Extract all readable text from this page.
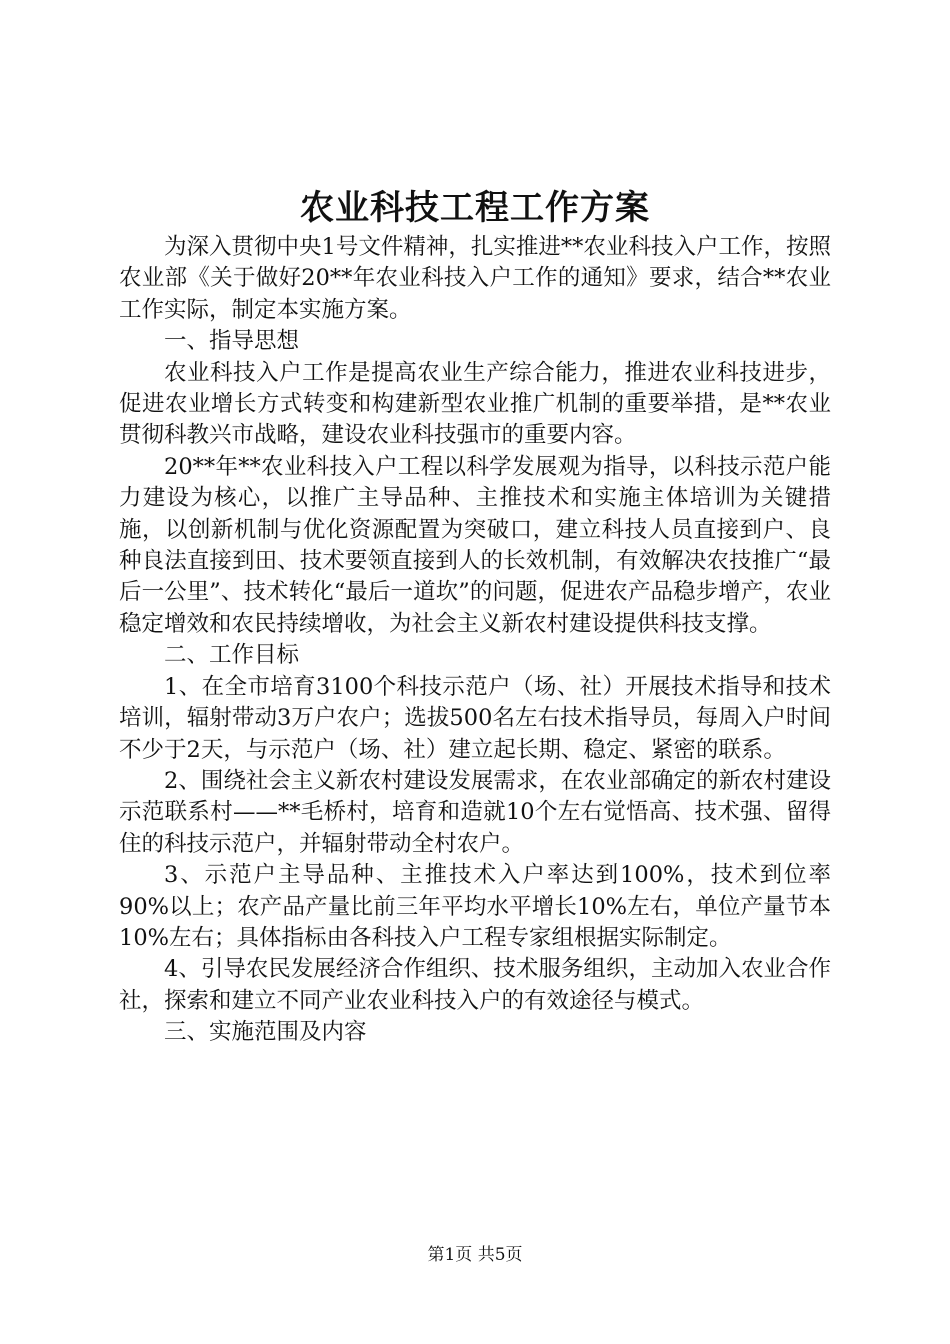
农业科技工程工作方案

为深入贯彻中央1号文件精神，扎实推进**农业科技入户工作，按照农业部《关于做好20**年农业科技入户工作的通知》要求，结合**农业工作实际，制定本实施方案。

一、指导思想

农业科技入户工作是提高农业生产综合能力，推进农业科技进步，促进农业增长方式转变和构建新型农业推广机制的重要举措，是**农业贯彻科教兴市战略，建设农业科技强市的重要内容。

20**年**农业科技入户工程以科学发展观为指导，以科技示范户能力建设为核心，以推广主导品种、主推技术和实施主体培训为关键措施，以创新机制与优化资源配置为突破口，建立科技人员直接到户、良种良法直接到田、技术要领直接到人的长效机制，有效解决农技推广“最后一公里”、技术转化“最后一道坎”的问题，促进农产品稳步增产，农业稳定增效和农民持续增收，为社会主义新农村建设提供科技支撑。

二、工作目标

1、在全市培育3100个科技示范户（场、社）开展技术指导和技术培训，辐射带动3万户农户；选拔500名左右技术指导员，每周入户时间不少于2天，与示范户（场、社）建立起长期、稳定、紧密的联系。

2、围绕社会主义新农村建设发展需求，在农业部确定的新农村建设示范联系村——**毛桥村，培育和造就10个左右觉悟高、技术强、留得住的科技示范户，并辐射带动全村农户。

3、示范户主导品种、主推技术入户率达到100%，技术到位率90%以上；农产品产量比前三年平均水平增长10%左右，单位产量节本10%左右；具体指标由各科技入户工程专家组根据实际制定。

4、引导农民发展经济合作组织、技术服务组织，主动加入农业合作社，探索和建立不同产业农业科技入户的有效途径与模式。

三、实施范围及内容

第1页 共5页
